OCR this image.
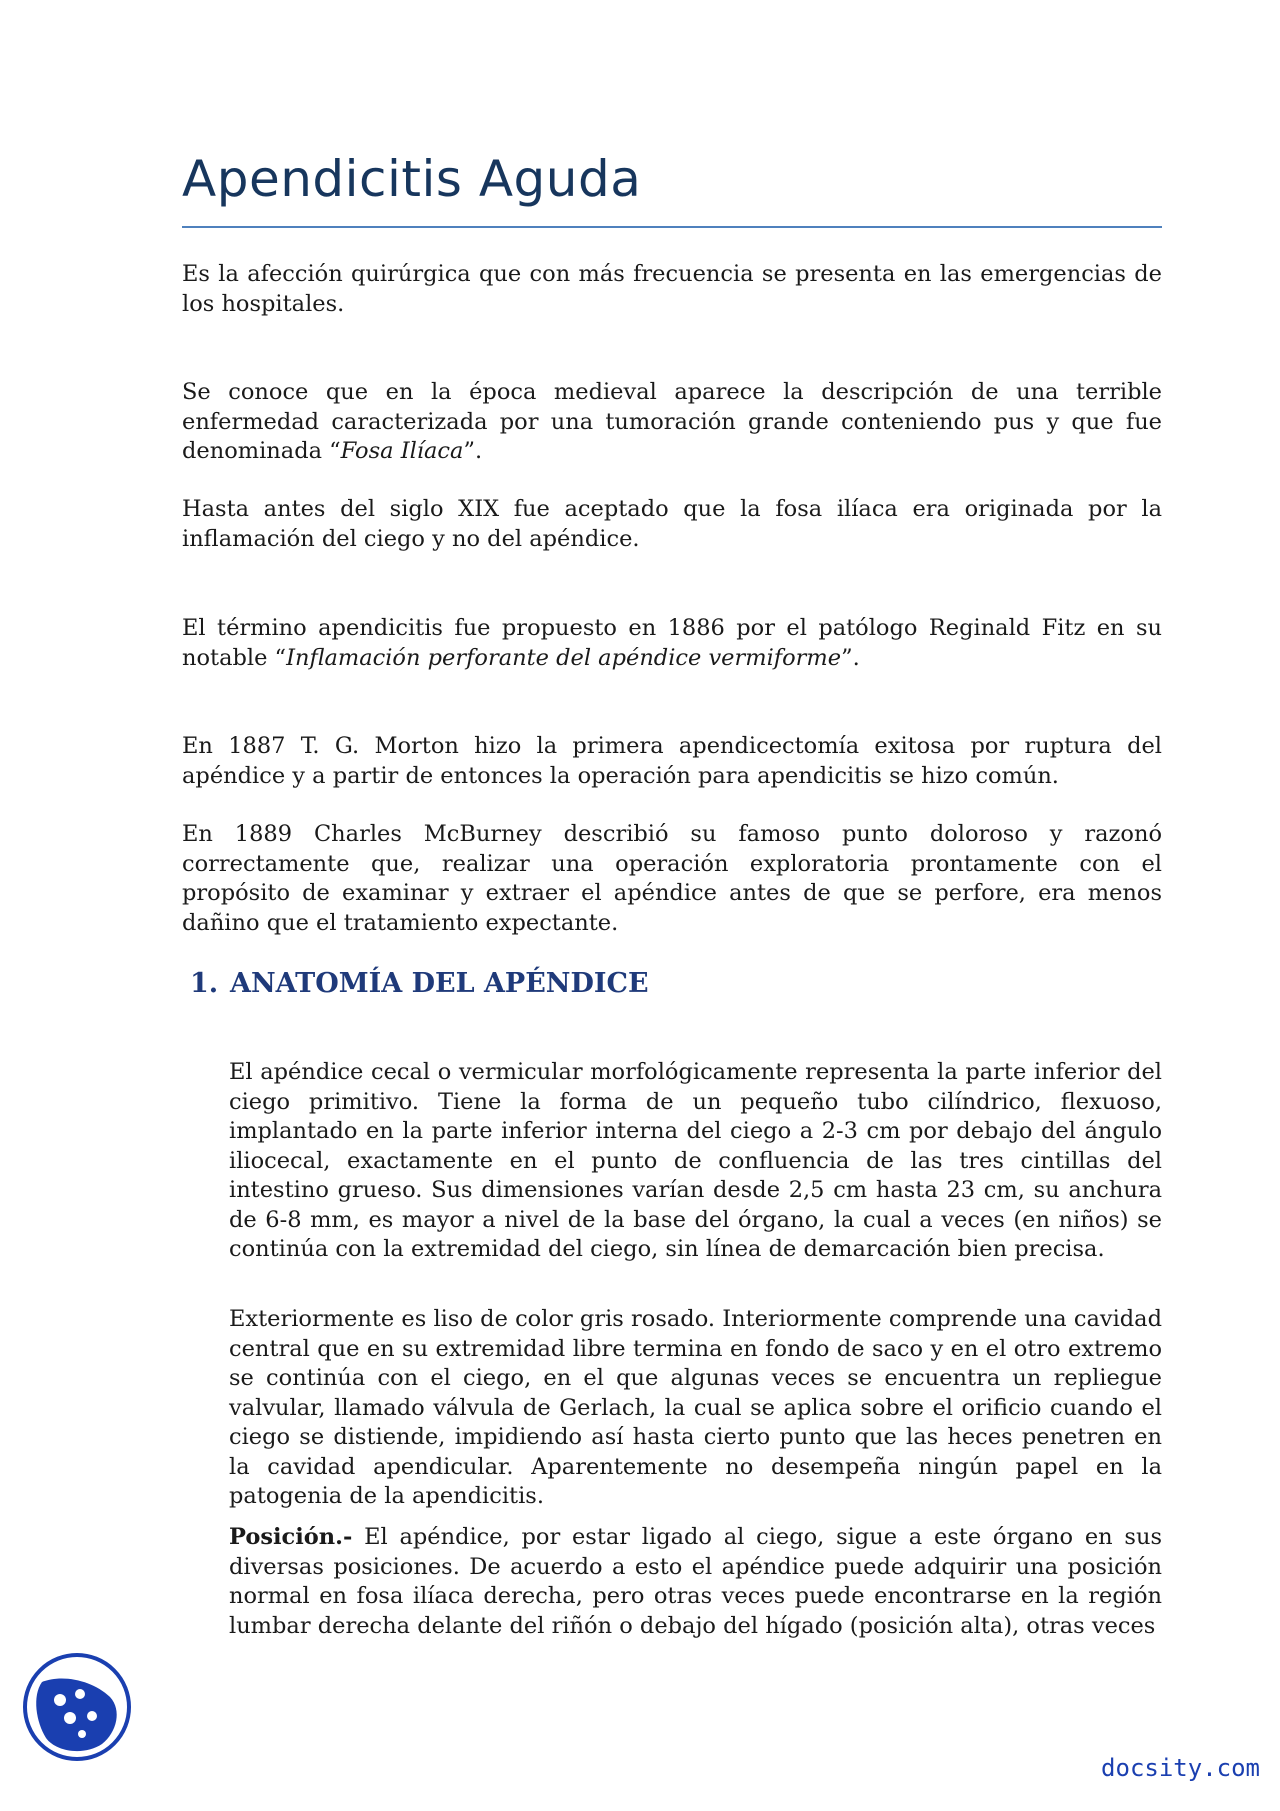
Apendicitis Aguda

Es la afección quirúrgica que con más frecuencia se presenta en las emergencias de los hospitales.

Se conoce que en la época medieval aparece la descripción de una terrible enfermedad caracterizada por una tumoración grande conteniendo pus y que fue denominada “Fosa Ilíaca”.

Hasta antes del siglo XIX fue aceptado que la fosa ilíaca era originada por la inflamación del ciego y no del apéndice.

El término apendicitis fue propuesto en 1886 por el patólogo Reginald Fitz en su notable “Inflamación perforante del apéndice vermiforme”.

En 1887 T. G. Morton hizo la primera apendicectomía exitosa por ruptura del apéndice y a partir de entonces la operación para apendicitis se hizo común.

En 1889 Charles McBurney describió su famoso punto doloroso y razonó correctamente que, realizar una operación exploratoria prontamente con el propósito de examinar y extraer el apéndice antes de que se perfore, era menos dañino que el tratamiento expectante.

1. ANATOMÍA DEL APÉNDICE

El apéndice cecal o vermicular morfológicamente representa la parte inferior del ciego primitivo. Tiene la forma de un pequeño tubo cilíndrico, flexuoso, implantado en la parte inferior interna del ciego a 2-3 cm por debajo del ángulo iliocecal, exactamente en el punto de confluencia de las tres cintillas del intestino grueso. Sus dimensiones varían desde 2,5 cm hasta 23 cm, su anchura de 6-8 mm, es mayor a nivel de la base del órgano, la cual a veces (en niños) se continúa con la extremidad del ciego, sin línea de demarcación bien precisa.

Exteriormente es liso de color gris rosado. Interiormente comprende una cavidad central que en su extremidad libre termina en fondo de saco y en el otro extremo se continúa con el ciego, en el que algunas veces se encuentra un repliegue valvular, llamado válvula de Gerlach, la cual se aplica sobre el orificio cuando el ciego se distiende, impidiendo así hasta cierto punto que las heces penetren en la cavidad apendicular. Aparentemente no desempeña ningún papel en la patogenia de la apendicitis.

Posición.- El apéndice, por estar ligado al ciego, sigue a este órgano en sus diversas posiciones. De acuerdo a esto el apéndice puede adquirir una posición normal en fosa ilíaca derecha, pero otras veces puede encontrarse en la región lumbar derecha delante del riñón o debajo del hígado (posición alta), otras veces

docsity.com
